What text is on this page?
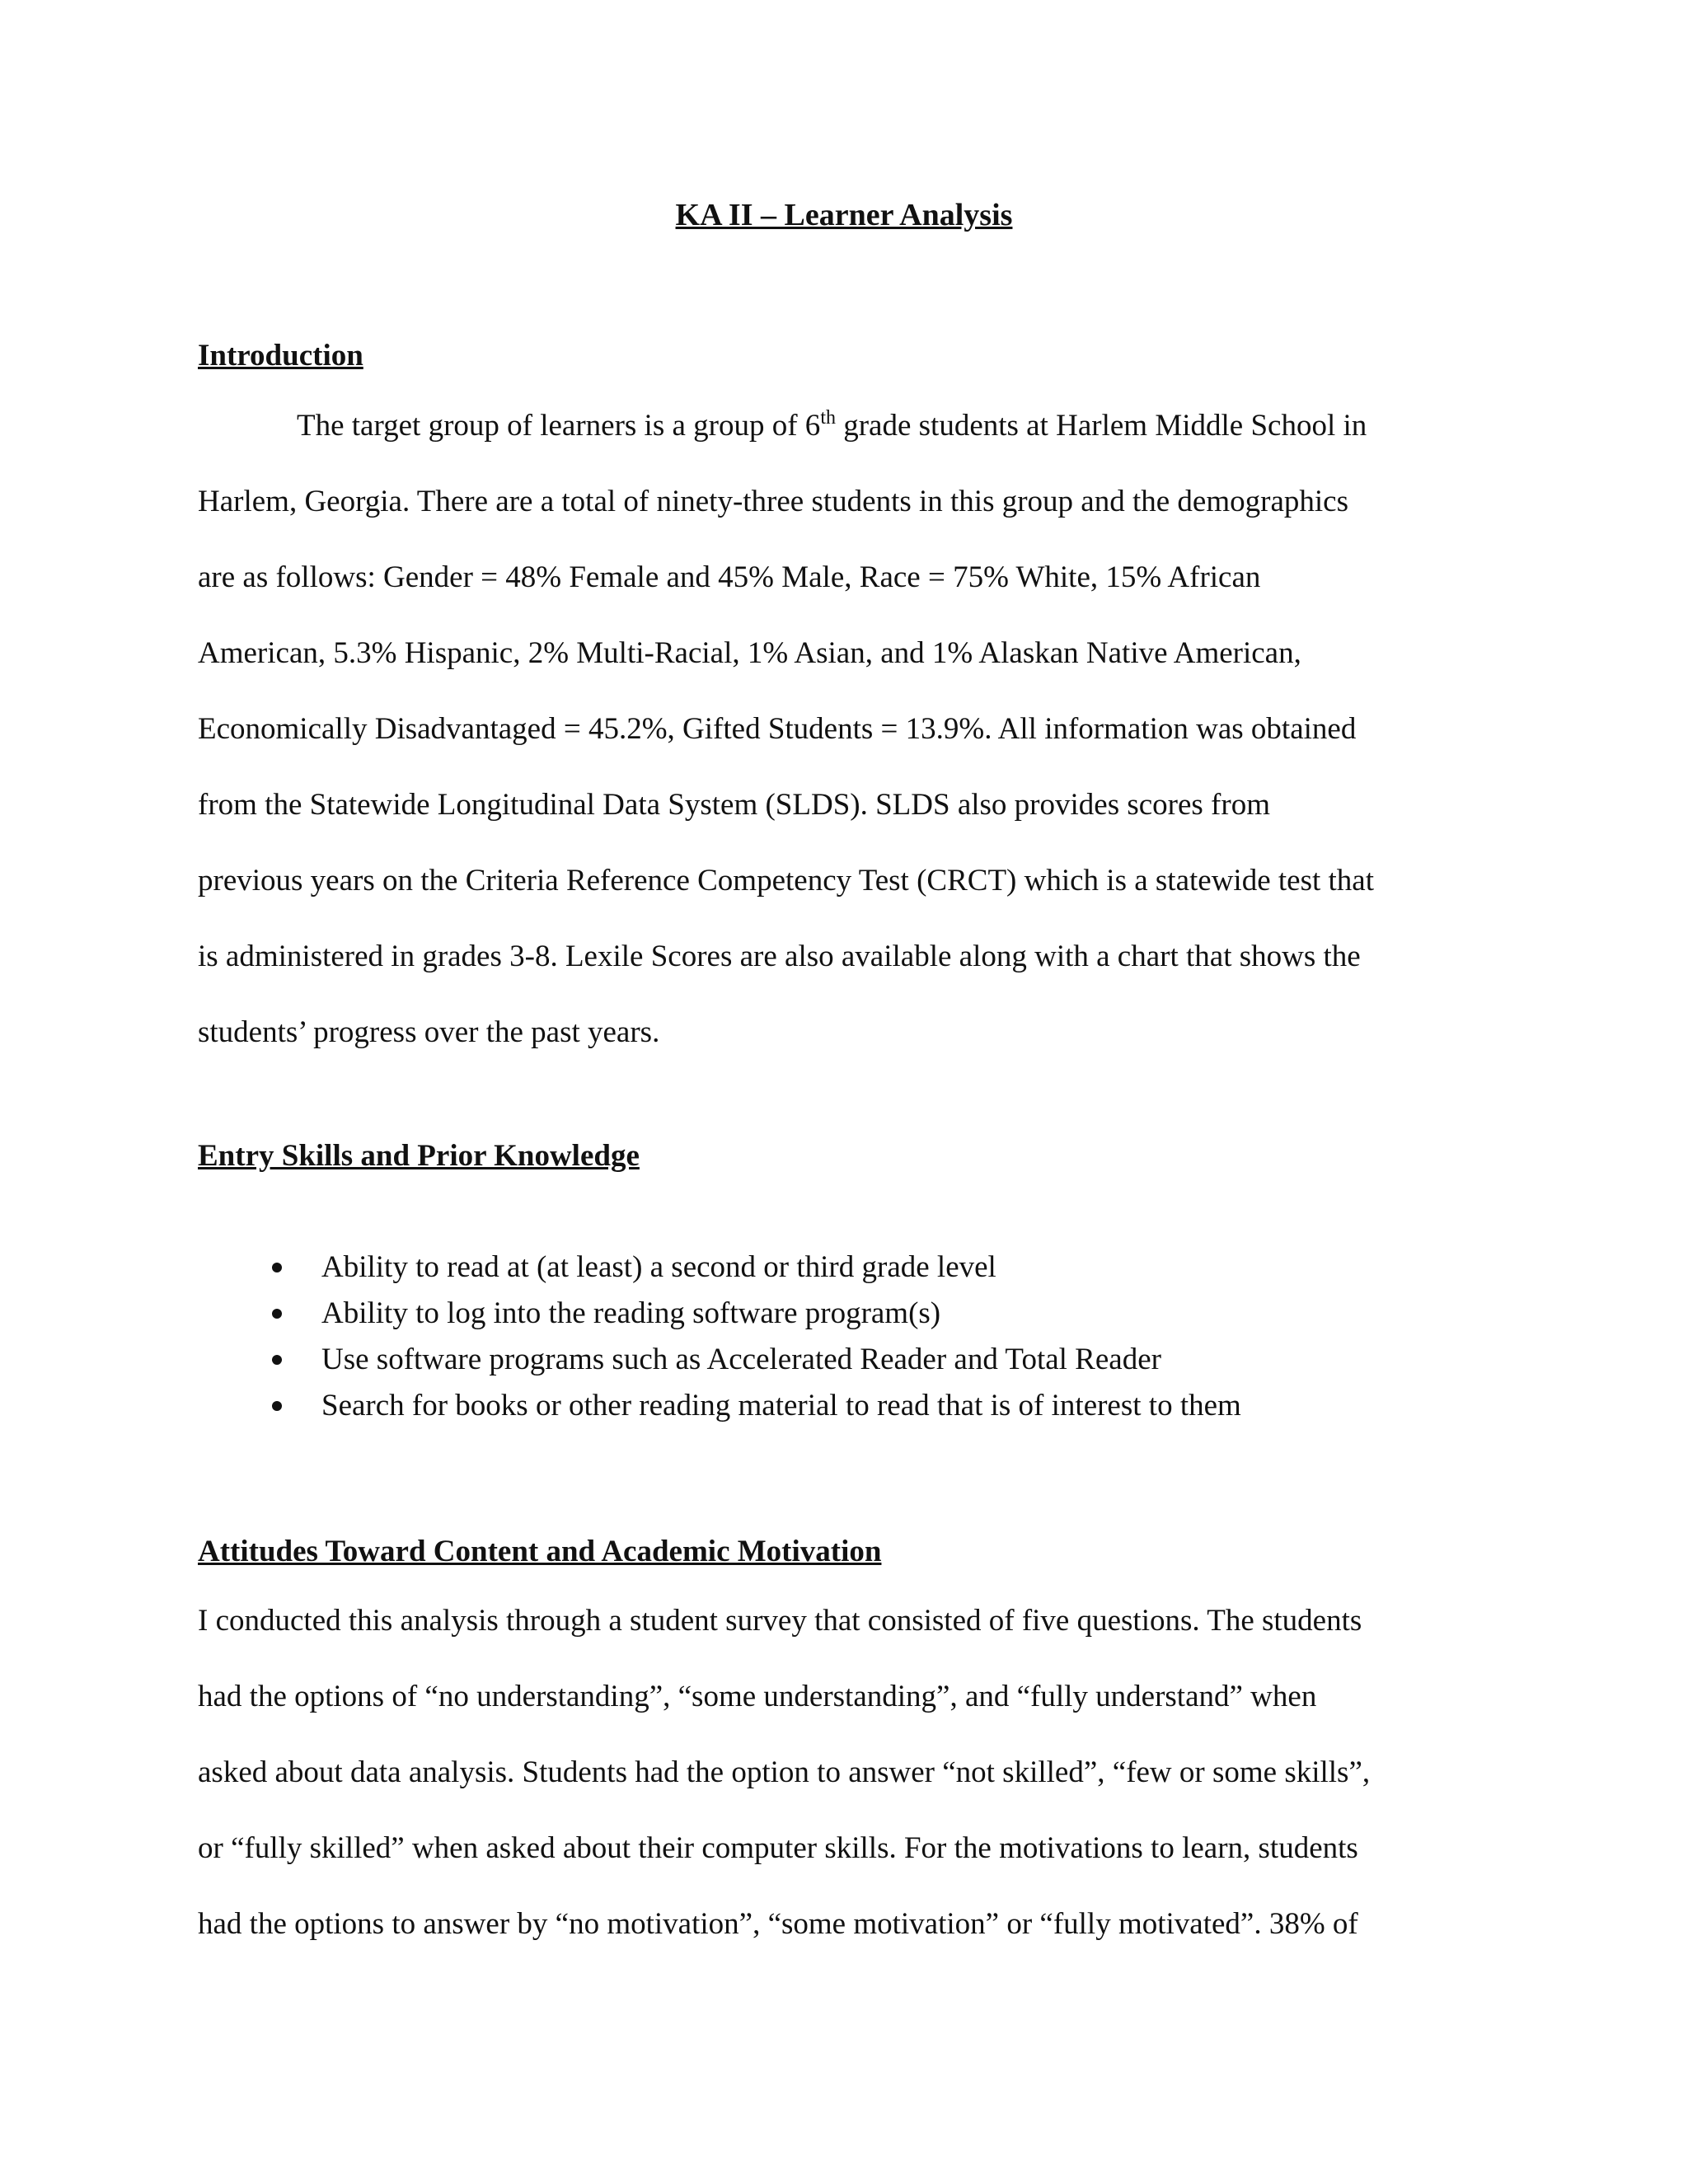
KA II – Learner Analysis
Introduction
The target group of learners is a group of 6th grade students at Harlem Middle School in
Harlem, Georgia. There are a total of ninety-three students in this group and the demographics
are as follows: Gender = 48% Female and 45% Male, Race = 75% White, 15% African
American, 5.3% Hispanic, 2% Multi-Racial, 1% Asian, and 1% Alaskan Native American,
Economically Disadvantaged = 45.2%, Gifted Students = 13.9%. All information was obtained
from the Statewide Longitudinal Data System (SLDS). SLDS also provides scores from
previous years on the Criteria Reference Competency Test (CRCT) which is a statewide test that
is administered in grades 3-8. Lexile Scores are also available along with a chart that shows the
students’ progress over the past years.
Entry Skills and Prior Knowledge
Ability to read at (at least) a second or third grade level
Ability to log into the reading software program(s)
Use software programs such as Accelerated Reader and Total Reader
Search for books or other reading material to read that is of interest to them
Attitudes Toward Content and Academic Motivation
I conducted this analysis through a student survey that consisted of five questions. The students
had the options of “no understanding”, “some understanding”, and “fully understand” when
asked about data analysis. Students had the option to answer “not skilled”, “few or some skills”,
or “fully skilled” when asked about their computer skills. For the motivations to learn, students
had the options to answer by “no motivation”, “some motivation” or “fully motivated”. 38% of
